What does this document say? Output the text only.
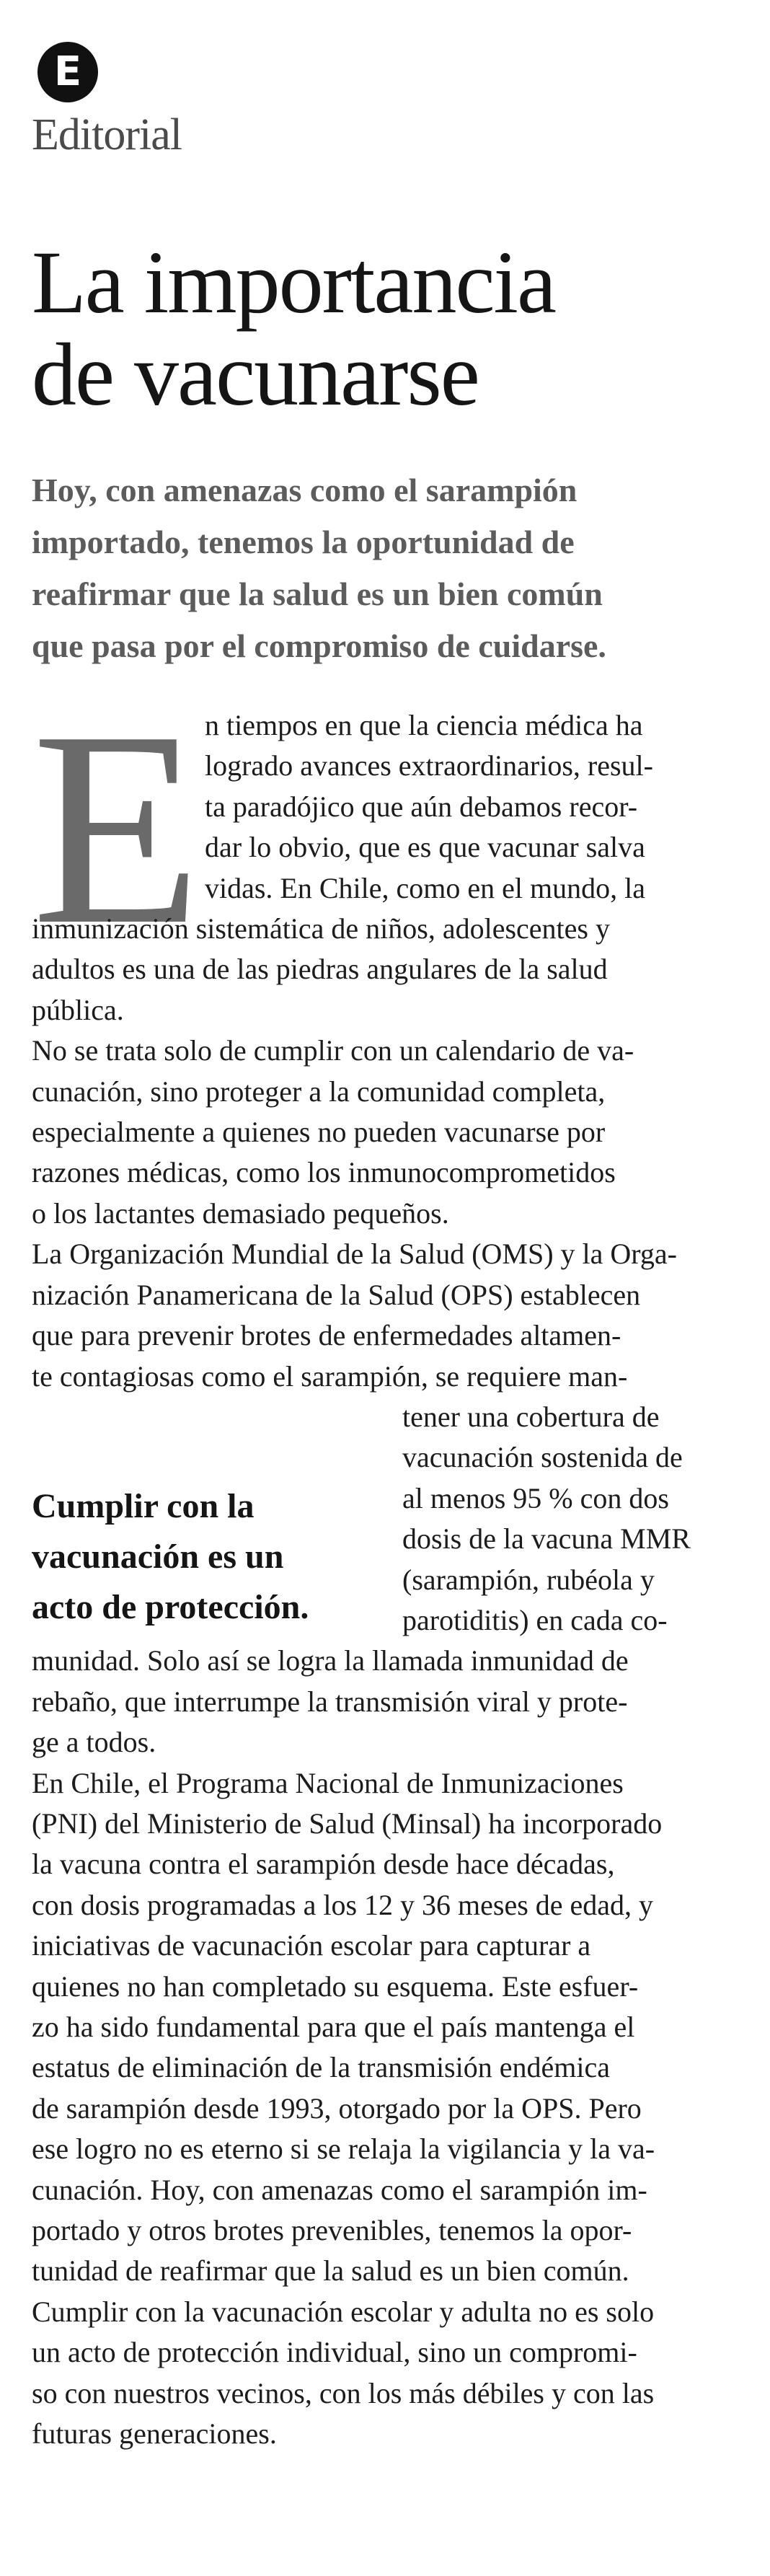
E
Editorial
La importancia
de vacunarse

Hoy, con amenazas como el sarampión
importado, tenemos la oportunidad de
reafirmar que la salud es un bien común
que pasa por el compromiso de cuidarse.

E n tiempos en que la ciencia médica ha
logrado avances extraordinarios, resul-
ta paradójico que aún debamos recor-
dar lo obvio, que es que vacunar salva
vidas. En Chile, como en el mundo, la
inmunización sistemática de niños, adolescentes y
adultos es una de las piedras angulares de la salud
pública.
No se trata solo de cumplir con un calendario de va-
cunación, sino proteger a la comunidad completa,
especialmente a quienes no pueden vacunarse por
razones médicas, como los inmunocomprometidos
o los lactantes demasiado pequeños.
La Organización Mundial de la Salud (OMS) y la Orga-
nización Panamericana de la Salud (OPS) establecen
que para prevenir brotes de enfermedades altamen-
te contagiosas como el sarampión, se requiere man-
tener una cobertura de
vacunación sostenida de
al menos 95 % con dos
dosis de la vacuna MMR
(sarampión, rubéola y
parotiditis) en cada co-
munidad. Solo así se logra la llamada inmunidad de
rebaño, que interrumpe la transmisión viral y prote-
ge a todos.
En Chile, el Programa Nacional de Inmunizaciones
(PNI) del Ministerio de Salud (Minsal) ha incorporado
la vacuna contra el sarampión desde hace décadas,
con dosis programadas a los 12 y 36 meses de edad, y
iniciativas de vacunación escolar para capturar a
quienes no han completado su esquema. Este esfuer-
zo ha sido fundamental para que el país mantenga el
estatus de eliminación de la transmisión endémica
de sarampión desde 1993, otorgado por la OPS. Pero
ese logro no es eterno si se relaja la vigilancia y la va-
cunación. Hoy, con amenazas como el sarampión im-
portado y otros brotes prevenibles, tenemos la opor-
tunidad de reafirmar que la salud es un bien común.
Cumplir con la vacunación escolar y adulta no es solo
un acto de protección individual, sino un compromi-
so con nuestros vecinos, con los más débiles y con las
futuras generaciones.

Cumplir con la
vacunación es un
acto de protección.
